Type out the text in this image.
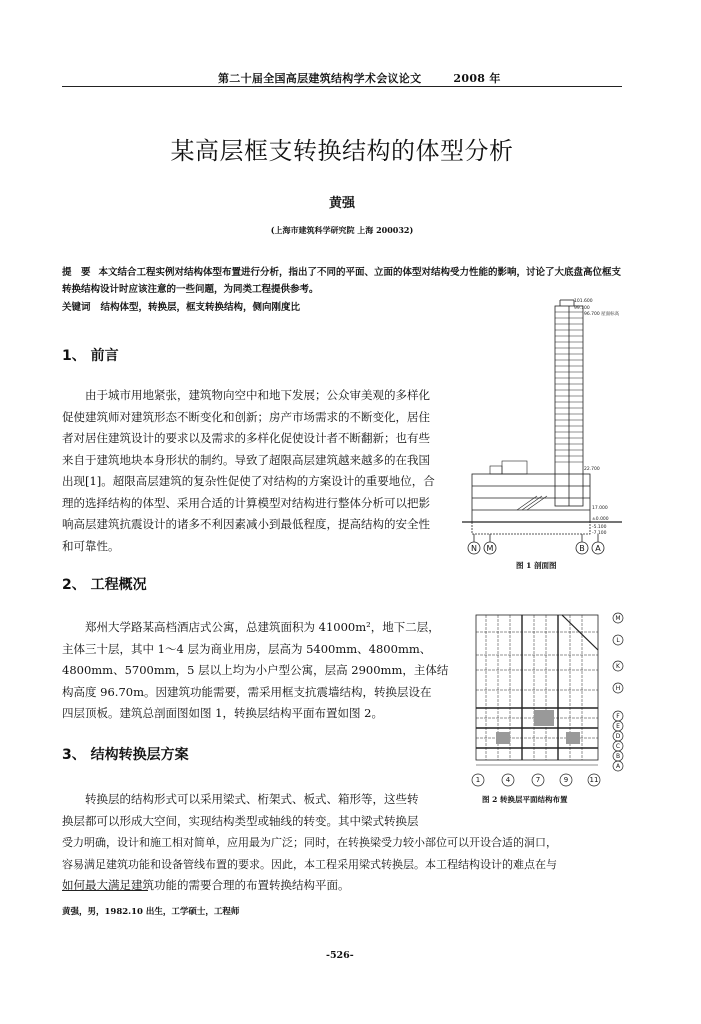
第二十届全国高层建筑结构学术会议论文	2008 年
某高层框支转换结构的体型分析
黄强
(上海市建筑科学研究院 上海 200032)
提　要 本文结合工程实例对结构体型布置进行分析，指出了不同的平面、立面的体型对结构受力性能的影响，讨论了大底盘高位框支转换结构设计时应该注意的一些问题，为同类工程提供参考。
关键词 结构体型，转换层，框支转换结构，侧向刚度比
1、 前言

由于城市用地紧张，建筑物向空中和地下发展；公众审美观的多样化

促使建筑师对建筑形态不断变化和创新；房产市场需求的不断变化，居住

者对居住建筑设计的要求以及需求的多样化促使设计者不断翻新；也有些

来自于建筑地块本身形状的制约。导致了超限高层建筑越来越多的在我国

出现[1]。超限高层建筑的复杂性促使了对结构的方案设计的重要地位，合

理的选择结构的体型、采用合适的计算模型对结构进行整体分析可以把影

响高层建筑抗震设计的诸多不利因素减小到最低程度，提高结构的安全性

和可靠性。

2、 工程概况

郑州大学路某高档酒店式公寓，总建筑面积为 41000m²，地下二层，

主体三十层，其中 1～4 层为商业用房，层高为 5400mm、4800mm、

4800mm、5700mm，5 层以上均为小户型公寓，层高 2900mm，主体结

构高度 96.70m。因建筑功能需要，需采用框支抗震墙结构，转换层设在

四层顶板。建筑总剖面图如图 1，转换层结构平面布置如图 2。

3、 结构转换层方案

转换层的结构形式可以采用梁式、桁架式、板式、箱形等，这些转

换层都可以形成大空间，实现结构类型或轴线的转变。其中梁式转换层

受力明确，设计和施工相对简单，应用最为广泛；同时，在转换梁受力较小部位可以开设合适的洞口，

容易满足建筑功能和设备管线布置的要求。因此，本工程采用梁式转换层。本工程结构设计的难点在与

如何最大满足建筑功能的需要合理的布置转换结构平面。

101.600
99.100
96.700 屋面标高
22.700
17.000
±0.000
-5.100
-7.100
N M	B A
图 1 剖面图
M
L
K
H
F
E
D
C
B
A
1	4	7	9	11
图 2 转换层平面结构布置
黄强，男，1982.10 出生，工学硕士，工程师
-526-
